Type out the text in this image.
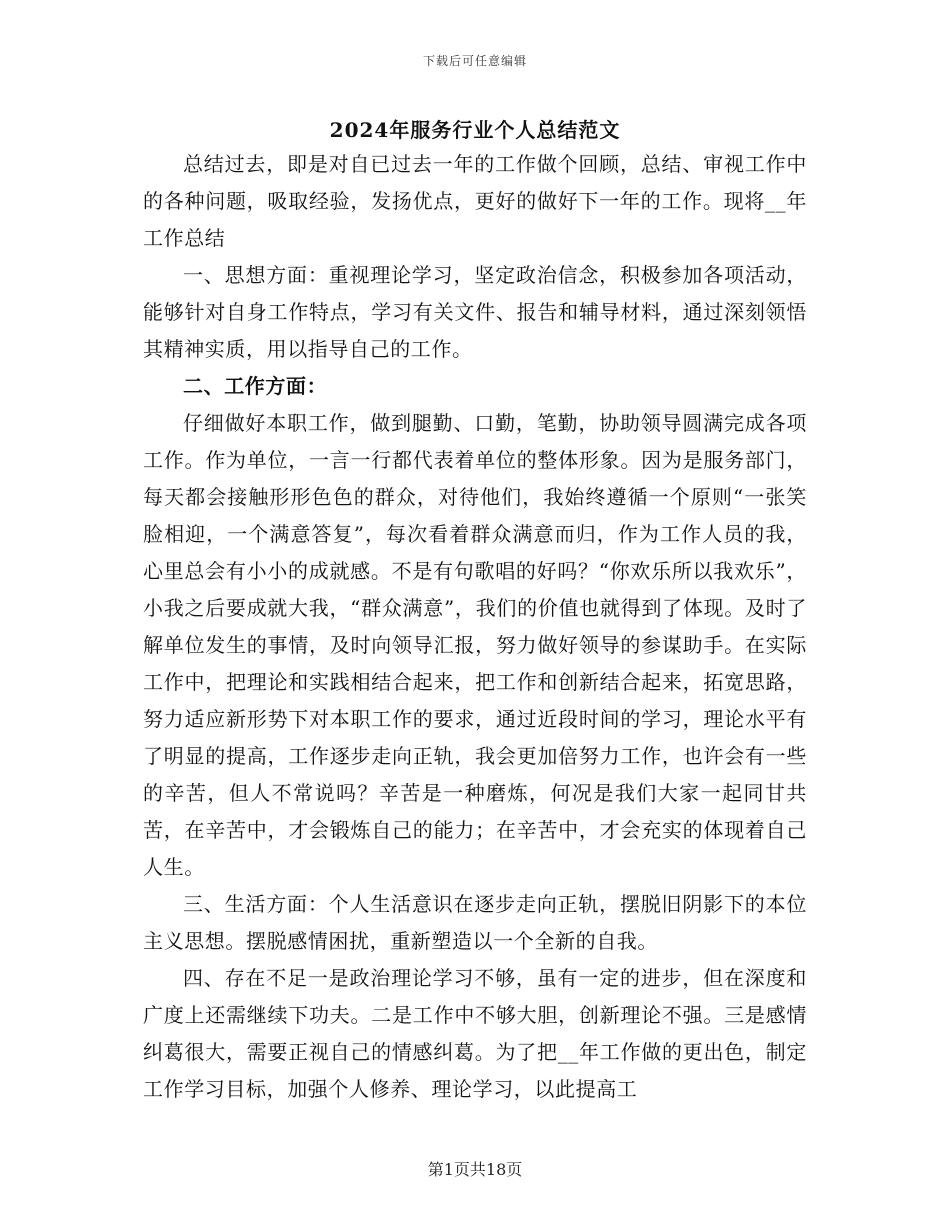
下载后可任意编辑
2024年服务行业个人总结范文

总结过去，即是对自已过去一年的工作做个回顾，总结、审视工作中的各种问题，吸取经验，发扬优点，更好的做好下一年的工作。现将__年工作总结

一、思想方面：重视理论学习，坚定政治信念，积极参加各项活动，能够针对自身工作特点，学习有关文件、报告和辅导材料，通过深刻领悟其精神实质，用以指导自己的工作。

二、工作方面：

仔细做好本职工作，做到腿勤、口勤，笔勤，协助领导圆满完成各项工作。作为单位，一言一行都代表着单位的整体形象。因为是服务部门，每天都会接触形形色色的群众，对待他们，我始终遵循一个原则“一张笑脸相迎，一个满意答复”，每次看着群众满意而归，作为工作人员的我，心里总会有小小的成就感。不是有句歌唱的好吗？“你欢乐所以我欢乐”，小我之后要成就大我，“群众满意”，我们的价值也就得到了体现。及时了解单位发生的事情，及时向领导汇报，努力做好领导的参谋助手。在实际工作中，把理论和实践相结合起来，把工作和创新结合起来，拓宽思路，努力适应新形势下对本职工作的要求，通过近段时间的学习，理论水平有了明显的提高，工作逐步走向正轨，我会更加倍努力工作，也许会有一些的辛苦，但人不常说吗？辛苦是一种磨炼，何况是我们大家一起同甘共苦，在辛苦中，才会锻炼自己的能力；在辛苦中，才会充实的体现着自己人生。

三、生活方面：个人生活意识在逐步走向正轨，摆脱旧阴影下的本位主义思想。摆脱感情困扰，重新塑造以一个全新的自我。

四、存在不足一是政治理论学习不够，虽有一定的进步，但在深度和广度上还需继续下功夫。二是工作中不够大胆，创新理论不强。三是感情纠葛很大，需要正视自己的情感纠葛。为了把__年工作做的更出色，制定工作学习目标，加强个人修养、理论学习，以此提高工

第1页共18页
